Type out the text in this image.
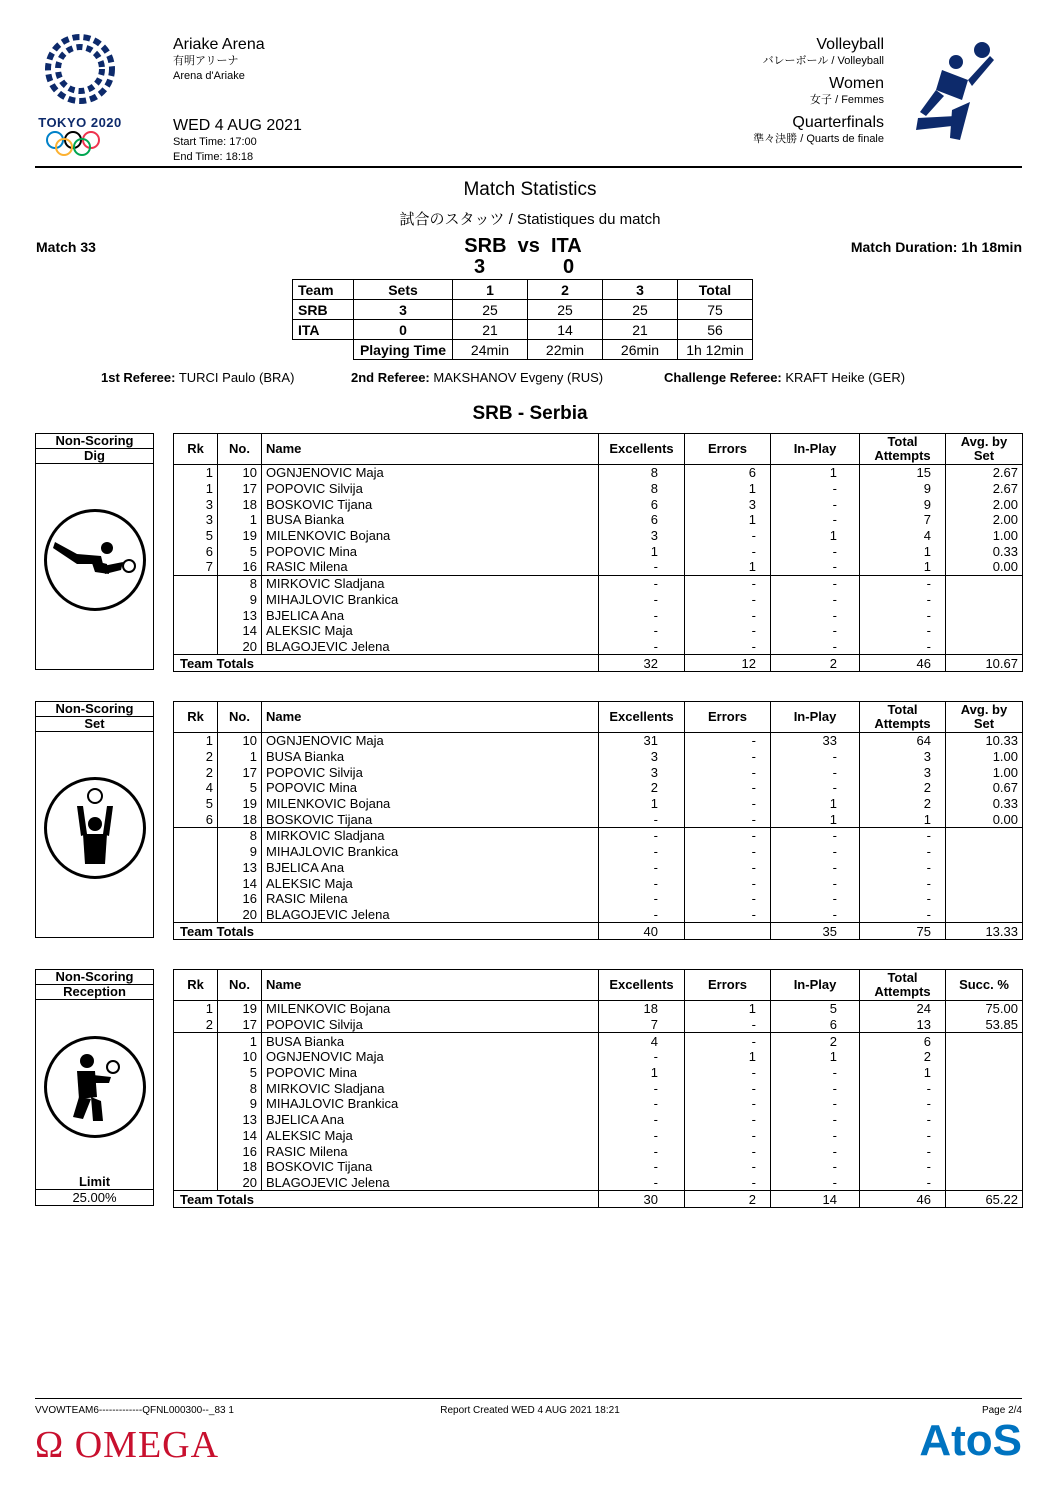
TOKYO 2020
Ariake Arena
有明アリーナ
Arena d'Ariake
WED 4 AUG 2021
Start Time: 17:00
End Time: 18:18
Volleyball
バレーボール / Volleyball
Women
女子 / Femmes
Quarterfinals
準々決勝 / Quarts de finale
Match Statistics
試合のスタッツ / Statistiques du match
Match 33	SRB  vs  ITA
3	0
Match Duration: 1h 18min
Team	Sets	1	2	3	Total
SRB	3	25	25	25	75
ITA	0	21	14	21	56
	Playing Time	24min	22min	26min	1h 12min
1st Referee: TURCI Paulo (BRA)	2nd Referee: MAKSHANOV Evgeny (RUS)	Challenge Referee: KRAFT Heike (GER)
SRB - Serbia
Non-Scoring
Dig	Rk	No.	Name	Excellents	Errors	In-Play	Total Attempts	Avg. by Set
1	10	OGNJENOVIC Maja	8	6	1	15	2.67
1	17	POPOVIC Silvija	8	1	-	9	2.67
3	18	BOSKOVIC Tijana	6	3	-	9	2.00
3	1	BUSA Bianka	6	1	-	7	2.00
5	19	MILENKOVIC Bojana	3	-	1	4	1.00
6	5	POPOVIC Mina	1	-	-	1	0.33
7	16	RASIC Milena	-	1	-	1	0.00
	8	MIRKOVIC Sladjana	-	-	-	-	
	9	MIHAJLOVIC Brankica	-	-	-	-	
	13	BJELICA Ana	-	-	-	-	
	14	ALEKSIC Maja	-	-	-	-	
	20	BLAGOJEVIC Jelena	-	-	-	-	
Team Totals			32	12	2	46	10.67
Non-Scoring
Set	Rk	No.	Name	Excellents	Errors	In-Play	Total Attempts	Avg. by Set
1	10	OGNJENOVIC Maja	31	-	33	64	10.33
2	1	BUSA Bianka	3	-	-	3	1.00
2	17	POPOVIC Silvija	3	-	-	3	1.00
4	5	POPOVIC Mina	2	-	-	2	0.67
5	19	MILENKOVIC Bojana	1	-	1	2	0.33
6	18	BOSKOVIC Tijana	-	-	1	1	0.00
	8	MIRKOVIC Sladjana	-	-	-	-	
	9	MIHAJLOVIC Brankica	-	-	-	-	
	13	BJELICA Ana	-	-	-	-	
	14	ALEKSIC Maja	-	-	-	-	
	16	RASIC Milena	-	-	-	-	
	20	BLAGOJEVIC Jelena	-	-	-	-	
Team Totals			40		35	75	13.33
Non-Scoring
Reception
Limit
25.00%
Rk	No.	Name	Excellents	Errors	In-Play	Total Attempts	Succ. %
1	19	MILENKOVIC Bojana	18	1	5	24	75.00
2	17	POPOVIC Silvija	7	-	6	13	53.85
	1	BUSA Bianka	4	-	2	6	
	10	OGNJENOVIC Maja	-	1	1	2	
	5	POPOVIC Mina	1	-	-	1	
	8	MIRKOVIC Sladjana	-	-	-	-	
	9	MIHAJLOVIC Brankica	-	-	-	-	
	13	BJELICA Ana	-	-	-	-	
	14	ALEKSIC Maja	-	-	-	-	
	16	RASIC Milena	-	-	-	-	
	18	BOSKOVIC Tijana	-	-	-	-	
	20	BLAGOJEVIC Jelena	-	-	-	-	
Team Totals			30	2	14	46	65.22
VVOWTEAM6-------------QFNL000300--_83 1	Report Created WED 4 AUG 2021 18:21	Page 2/4
Ω OMEGA	AtoS
